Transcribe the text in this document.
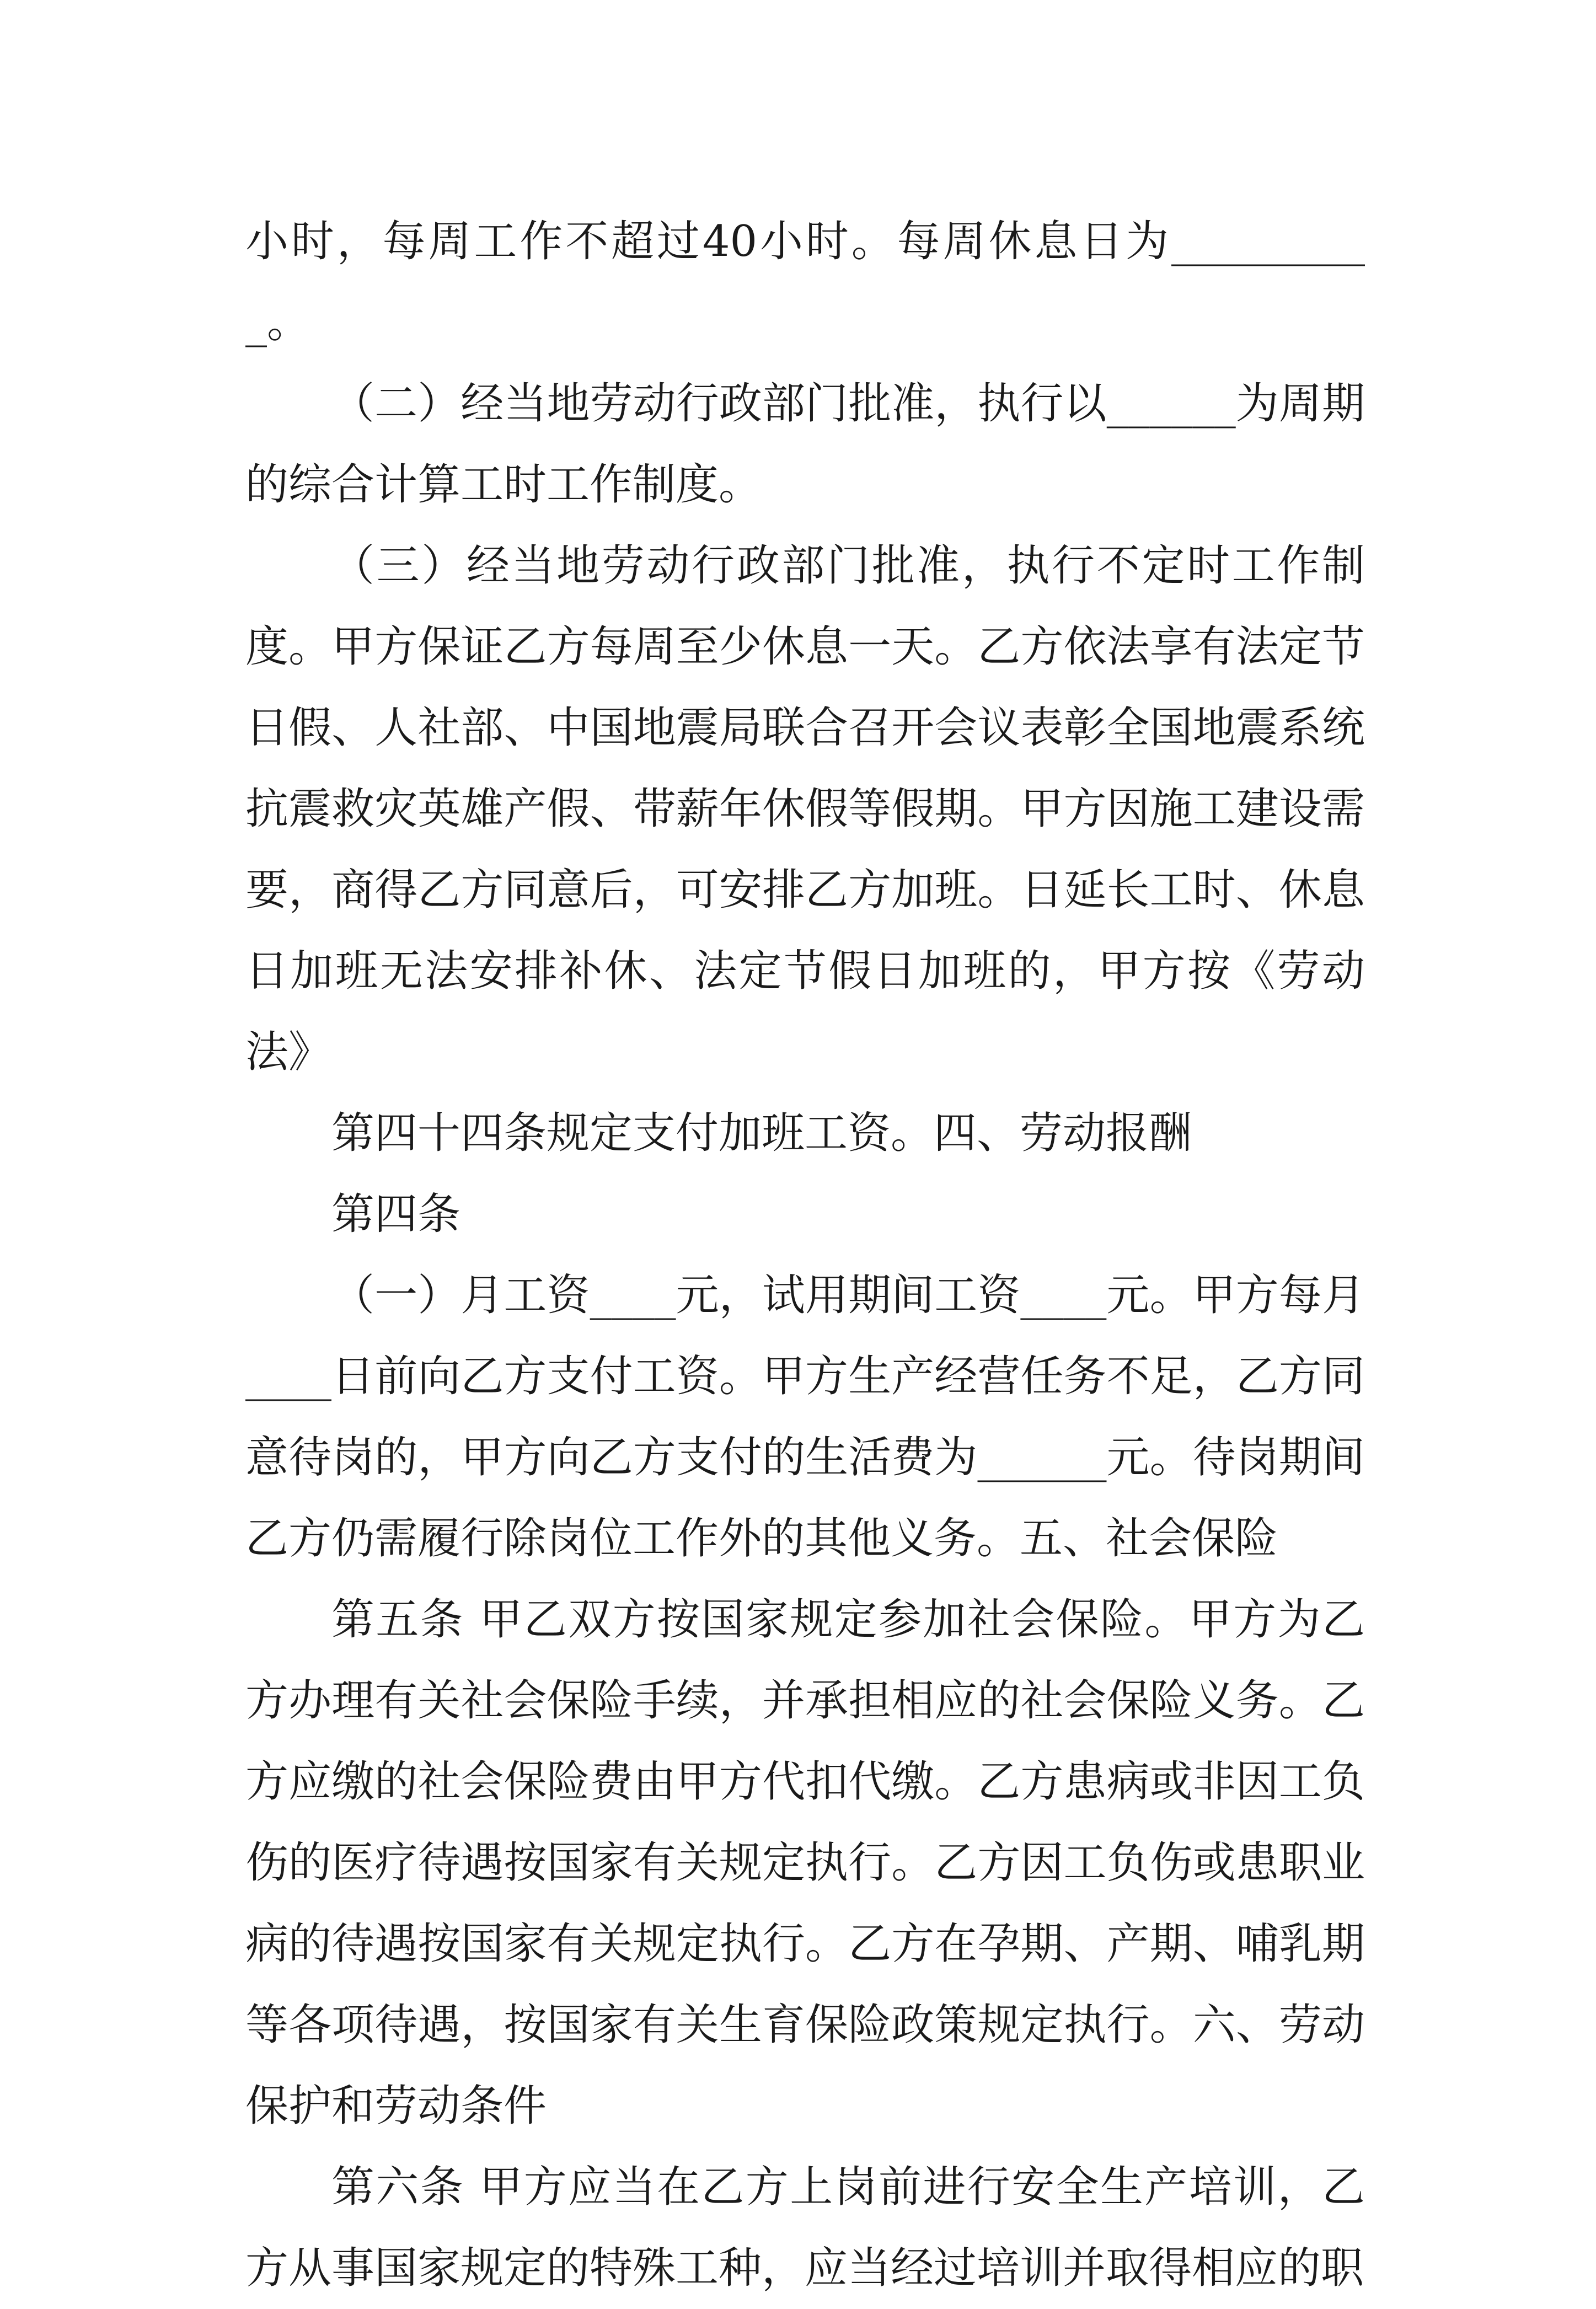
小时，每周工作不超过40小时。每周休息日为__________。

（二）经当地劳动行政部门批准，执行以______为周期的综合计算工时工作制度。

（三）经当地劳动行政部门批准，执行不定时工作制度。甲方保证乙方每周至少休息一天。乙方依法享有法定节日假、人社部、中国地震局联合召开会议表彰全国地震系统抗震救灾英雄产假、带薪年休假等假期。甲方因施工建设需要，商得乙方同意后，可安排乙方加班。日延长工时、休息日加班无法安排补休、法定节假日加班的，甲方按《劳动法》

第四十四条规定支付加班工资。四、劳动报酬

第四条

（一）月工资____元，试用期间工资____元。甲方每月____日前向乙方支付工资。甲方生产经营任务不足，乙方同意待岗的，甲方向乙方支付的生活费为______元。待岗期间乙方仍需履行除岗位工作外的其他义务。五、社会保险

第五条 甲乙双方按国家规定参加社会保险。甲方为乙方办理有关社会保险手续，并承担相应的社会保险义务。乙方应缴的社会保险费由甲方代扣代缴。乙方患病或非因工负伤的医疗待遇按国家有关规定执行。乙方因工负伤或患职业病的待遇按国家有关规定执行。乙方在孕期、产期、哺乳期等各项待遇，按国家有关生育保险政策规定执行。六、劳动保护和劳动条件

第六条 甲方应当在乙方上岗前进行安全生产培训，乙方从事国家规定的特殊工种，应当经过培训并取得相应的职
